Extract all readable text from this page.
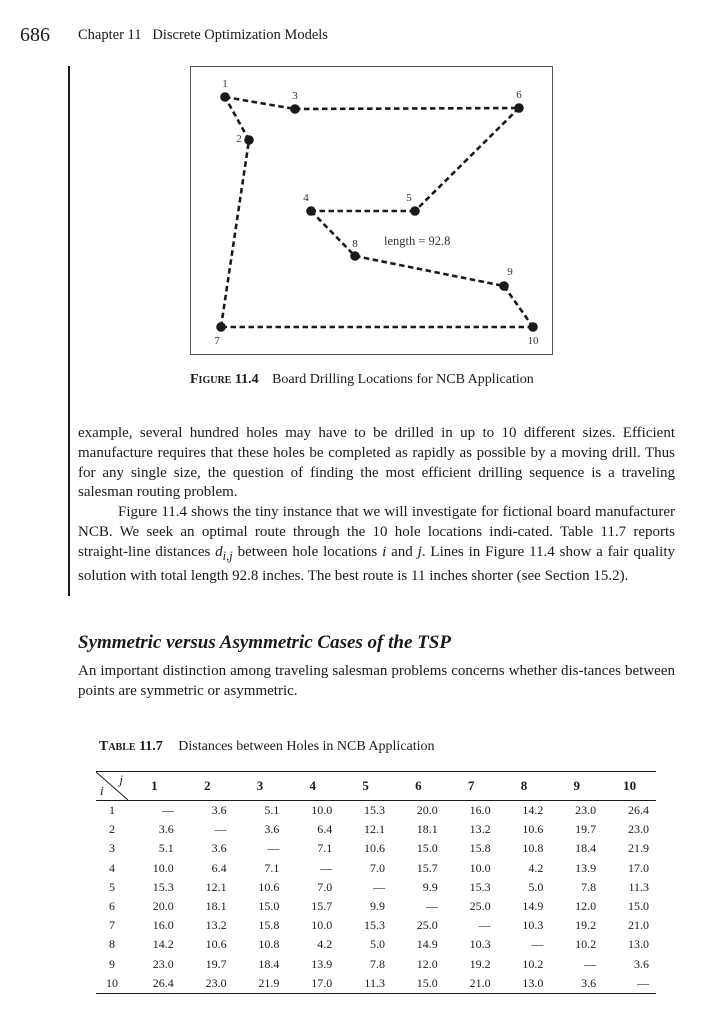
686 Chapter 11   Discrete Optimization Models
1
2
3
4	5
6
7
8
9
10
length = 92.8
Figure 11.4 Board Drilling Locations for NCB Application

example, several hundred holes may have to be drilled in up to 10 different sizes. Efficient manufacture requires that these holes be completed as rapidly as possible by a moving drill. Thus for any single size, the question of finding the most efficient drilling sequence is a traveling salesman routing problem.

Figure 11.4 shows the tiny instance that we will investigate for fictional board manufacturer NCB. We seek an optimal route through the 10 hole locations indi-cated. Table 11.7 reports straight-line distances $d_{i,j}$ between hole locations i and j. Lines in Figure 11.4 show a fair quality solution with total length 92.8 inches. The best route is 11 inches shorter (see Section 15.2).

Symmetric versus Asymmetric Cases of the TSP
An important distinction among traveling salesman problems concerns whether dis-tances between points are symmetric or asymmetric.
Table 11.7 Distances between Holes in NCB Application
j
i	1	2	3	4	5	6	7	8	9	10
1	—	3.6	5.1	10.0	15.3	20.0	16.0	14.2	23.0	26.4
2	3.6	—	3.6	6.4	12.1	18.1	13.2	10.6	19.7	23.0
3	5.1	3.6	—	7.1	10.6	15.0	15.8	10.8	18.4	21.9
4	10.0	6.4	7.1	—	7.0	15.7	10.0	4.2	13.9	17.0
5	15.3	12.1	10.6	7.0	—	9.9	15.3	5.0	7.8	11.3
6	20.0	18.1	15.0	15.7	9.9	—	25.0	14.9	12.0	15.0
7	16.0	13.2	15.8	10.0	15.3	25.0	—	10.3	19.2	21.0
8	14.2	10.6	10.8	4.2	5.0	14.9	10.3	—	10.2	13.0
9	23.0	19.7	18.4	13.9	7.8	12.0	19.2	10.2	—	3.6
10	26.4	23.0	21.9	17.0	11.3	15.0	21.0	13.0	3.6	—
